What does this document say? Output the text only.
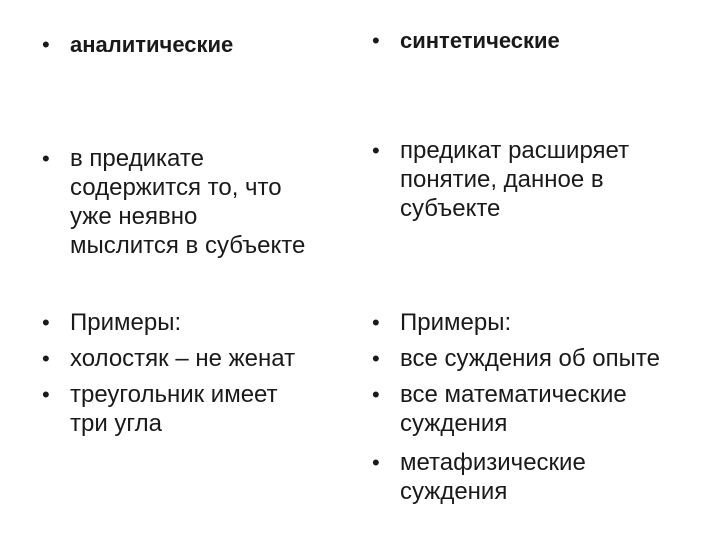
• аналитические
• в предикате
содержится то, что
уже неявно
мыслится в субъекте
• Примеры:
• холостяк – не женат
• треугольник имеет
три угла
• синтетические
• предикат расширяет
понятие, данное в
субъекте
• Примеры:
• все суждения об опыте
• все математические
суждения
• метафизические
суждения
